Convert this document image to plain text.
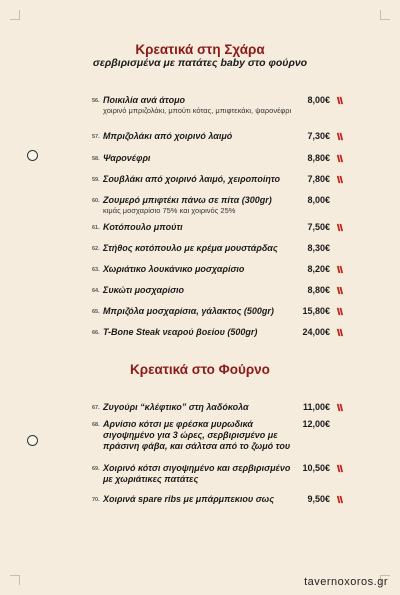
Κρεατικά στη Σχάρα
σερβιρισμένα με πατάτες baby στο φούρνο
56. Ποικιλία ανά άτομο
χοιρινό μπριζολάκι, μπούτι κότας, μπιφτεκάκι, ψαρονέφρι
8,00€
57. Μπριζολάκι από χοιρινό λαιμό	7,30€
58. Ψαρονέφρι	8,80€
59. Σουβλάκι από χοιρινό λαιμό, χειροποίητο	7,80€
60. Ζουμερό μπιφτέκι πάνω σε πίτα (300gr)
κιμάς μοσχαρίσιο 75% και χοιρινός 25%
8,00€
61. Κοτόπουλο μπούτι	7,50€
62. Στήθος κοτόπουλο με κρέμα μουστάρδας	8,30€
63. Χωριάτικο λουκάνικο μοσχαρίσιο	8,20€
64. Συκώτι μοσχαρίσιο	8,80€
65. Μπριζόλα μοσχαρίσια, γάλακτος (500gr)	15,80€
66. T-Bone Steak νεαρού βοείου (500gr)	24,00€
Κρεατικά στο Φούρνο
67. Ζυγούρι “κλέφτικο” στη λαδόκολα	11,00€
68. Αρνίσιο κότσι με φρέσκα μυρωδικά σιγοψημένο για 3 ώρες, σερβιρισμένο με πράσινη φάβα, και σάλτσα από το ζωμό του
12,00€
69. Χοιρινό κότσι σιγοψημένο και σερβιρισμένο με χωριάτικες πατάτες
10,50€
70. Χοιρινά spare ribs με μπάρμπεκιου σως	9,50€
tavernoxoros.gr
